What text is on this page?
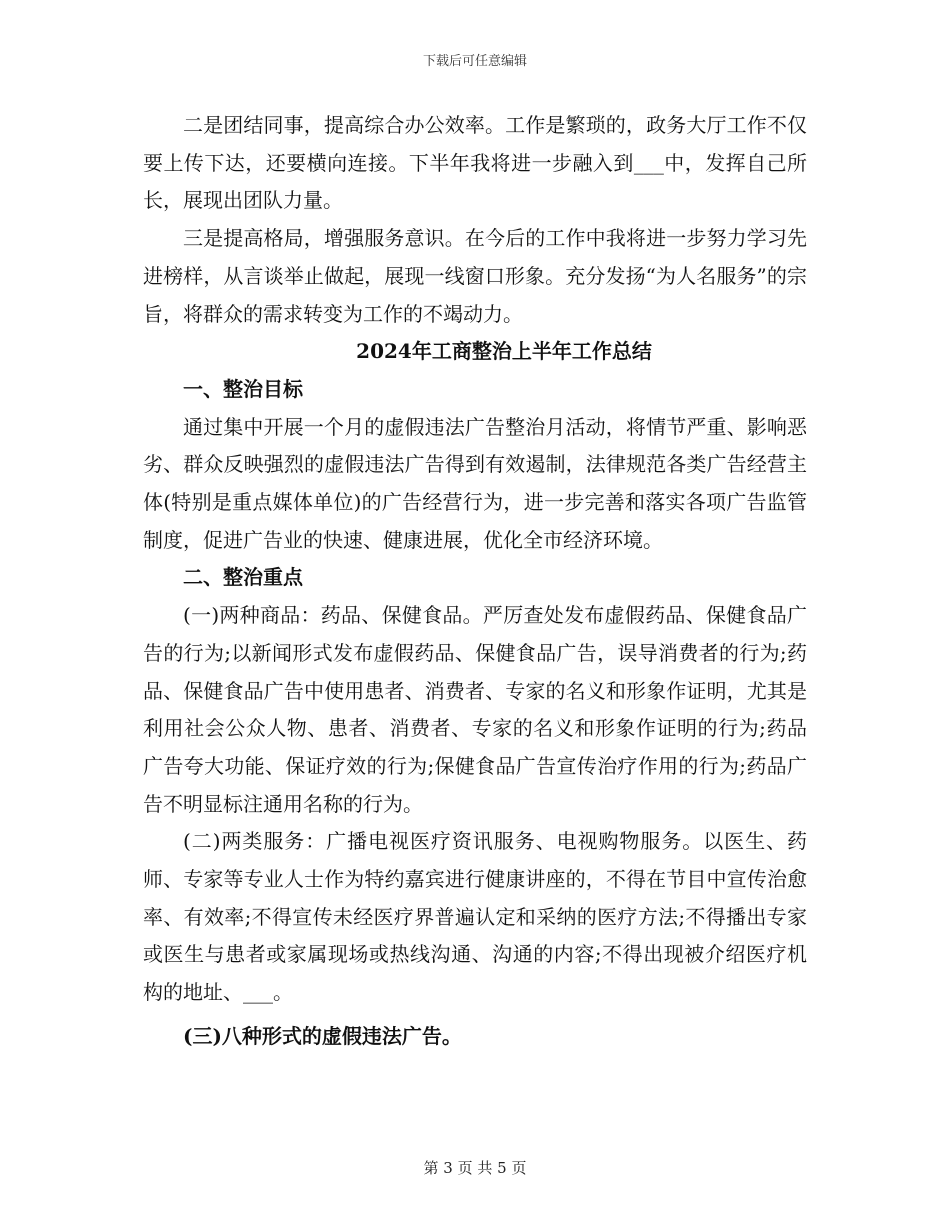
下载后可任意编辑

二是团结同事，提高综合办公效率。工作是繁琐的，政务大厅工作不仅要上传下达，还要横向连接。下半年我将进一步融入到___中，发挥自己所长，展现出团队力量。

三是提高格局，增强服务意识。在今后的工作中我将进一步努力学习先进榜样，从言谈举止做起，展现一线窗口形象。充分发扬“为人名服务”的宗旨，将群众的需求转变为工作的不竭动力。

2024年工商整治上半年工作总结

一、整治目标

通过集中开展一个月的虚假违法广告整治月活动，将情节严重、影响恶劣、群众反映强烈的虚假违法广告得到有效遏制，法律规范各类广告经营主体(特别是重点媒体单位)的广告经营行为，进一步完善和落实各项广告监管制度，促进广告业的快速、健康进展，优化全市经济环境。

二、整治重点

(一)两种商品：药品、保健食品。严厉查处发布虚假药品、保健食品广告的行为;以新闻形式发布虚假药品、保健食品广告，误导消费者的行为;药品、保健食品广告中使用患者、消费者、专家的名义和形象作证明，尤其是利用社会公众人物、患者、消费者、专家的名义和形象作证明的行为;药品广告夸大功能、保证疗效的行为;保健食品广告宣传治疗作用的行为;药品广告不明显标注通用名称的行为。

(二)两类服务：广播电视医疗资讯服务、电视购物服务。以医生、药师、专家等专业人士作为特约嘉宾进行健康讲座的，不得在节目中宣传治愈率、有效率;不得宣传未经医疗界普遍认定和采纳的医疗方法;不得播出专家或医生与患者或家属现场或热线沟通、沟通的内容;不得出现被介绍医疗机构的地址、___。

(三)八种形式的虚假违法广告。

第 3 页 共 5 页
